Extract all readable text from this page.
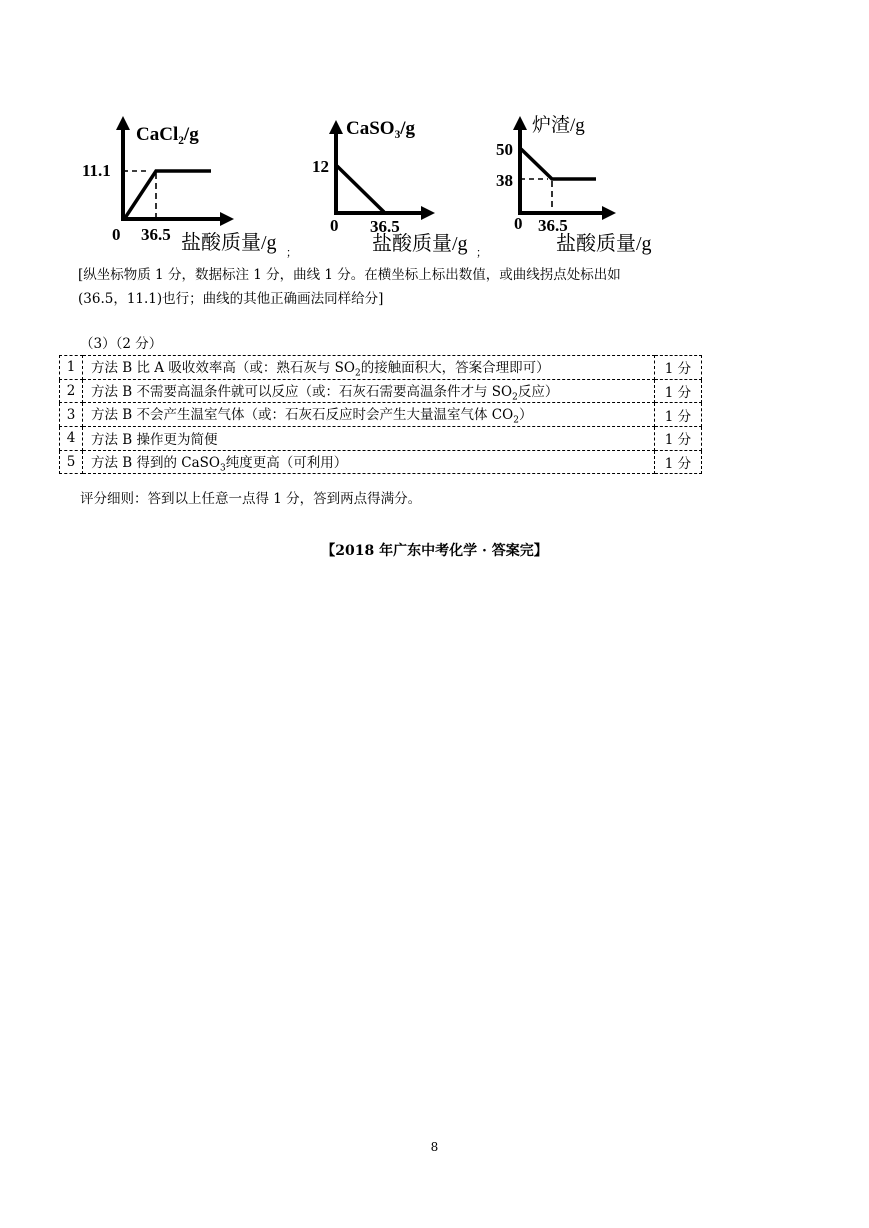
CaCl₂/g
11.1
0 36.5 盐酸质量/g ；
CaSO₃/g
12
0 36.5
盐酸质量/g ；
炉渣/g
50
38
0 36.5
盐酸质量/g
[纵坐标物质 1 分，数据标注 1 分，曲线 1 分。在横坐标上标出数值，或曲线拐点处标出如
(36.5，11.1)也行；曲线的其他正确画法同样给分]
（3）（2 分）
1	方法 B 比 A 吸收效率高（或：熟石灰与 $SO_2$的接触面积大，答案合理即可）	1 分
2	方法 B 不需要高温条件就可以反应（或：石灰石需要高温条件才与 $SO_2$反应）	1 分
3	方法 B 不会产生温室气体（或：石灰石反应时会产生大量温室气体 $CO_2$）	1 分
4	方法 B 操作更为简便	1 分
5	方法 B 得到的 CaSO$_3$纯度更高（可利用）	1 分
评分细则：答到以上任意一点得 1 分，答到两点得满分。
【2018 年广东中考化学 · 答案完】
8
